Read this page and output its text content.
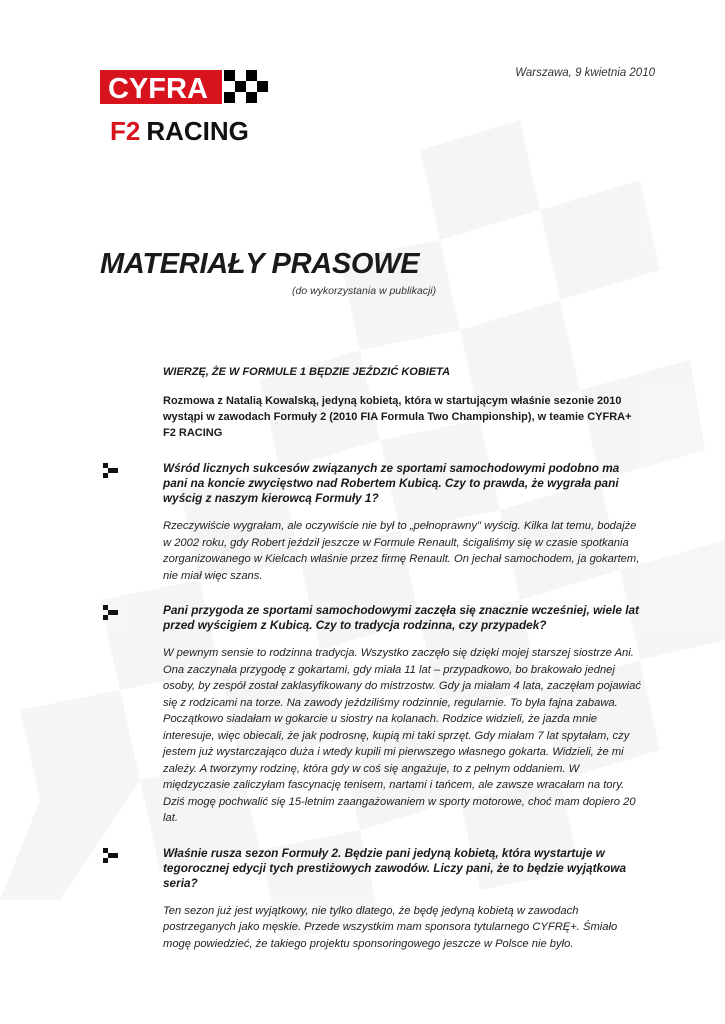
CYFRA
F2 RACING
Warszawa, 9 kwietnia 2010
MATERIAŁY PRASOWE
(do wykorzystania w publikacji)

WIERZĘ, ŻE W FORMULE 1 BĘDZIE JEŹDZIĆ KOBIETA

Rozmowa z Natalią Kowalską, jedyną kobietą, która w startującym właśnie sezonie 2010 wystąpi w zawodach Formuły 2 (2010 FIA Formula Two Championship), w teamie CYFRA+ F2 RACING

Wśród licznych sukcesów związanych ze sportami samochodowymi podobno ma pani na koncie zwycięstwo nad Robertem Kubicą. Czy to prawda, że wygrała pani wyścig z naszym kierowcą Formuły 1?

Rzeczywiście wygrałam, ale oczywiście nie był to „pełnoprawny" wyścig. Kilka lat temu, bodajże w 2002 roku, gdy Robert jeździł jeszcze w Formule Renault, ścigaliśmy się w czasie spotkania zorganizowanego w Kielcach właśnie przez firmę Renault. On jechał samochodem, ja gokartem, nie miał więc szans.

Pani przygoda ze sportami samochodowymi zaczęła się znacznie wcześniej, wiele lat przed wyścigiem z Kubicą. Czy to tradycja rodzinna, czy przypadek?

W pewnym sensie to rodzinna tradycja. Wszystko zaczęło się dzięki mojej starszej siostrze Ani. Ona zaczynała przygodę z gokartami, gdy miała 11 lat – przypadkowo, bo brakowało jednej osoby, by zespół został zaklasyfikowany do mistrzostw. Gdy ja miałam 4 lata, zaczęłam pojawiać się z rodzicami na torze. Na zawody jeździliśmy rodzinnie, regularnie. To była fajna zabawa. Początkowo siadałam w gokarcie u siostry na kolanach. Rodzice widzieli, że jazda mnie interesuje, więc obiecali, że jak podrosnę, kupią mi taki sprzęt. Gdy miałam 7 lat spytałam, czy jestem już wystarczająco duża i wtedy kupili mi pierwszego własnego gokarta. Widzieli, że mi zależy. A tworzymy rodzinę, która gdy w coś się angażuje, to z pełnym oddaniem. W międzyczasie zaliczyłam fascynację tenisem, nartami i tańcem, ale zawsze wracałam na tory. Dziś mogę pochwalić się 15-letnim zaangażowaniem w sporty motorowe, choć mam dopiero 20 lat.

Właśnie rusza sezon Formuły 2. Będzie pani jedyną kobietą, która wystartuje w tegorocznej edycji tych prestiżowych zawodów. Liczy pani, że to będzie wyjątkowa seria?

Ten sezon już jest wyjątkowy, nie tylko dlatego, że będę jedyną kobietą w zawodach postrzeganych jako męskie. Przede wszystkim mam sponsora tytularnego CYFRĘ+. Śmiało mogę powiedzieć, że takiego projektu sponsoringowego jeszcze w Polsce nie było.
